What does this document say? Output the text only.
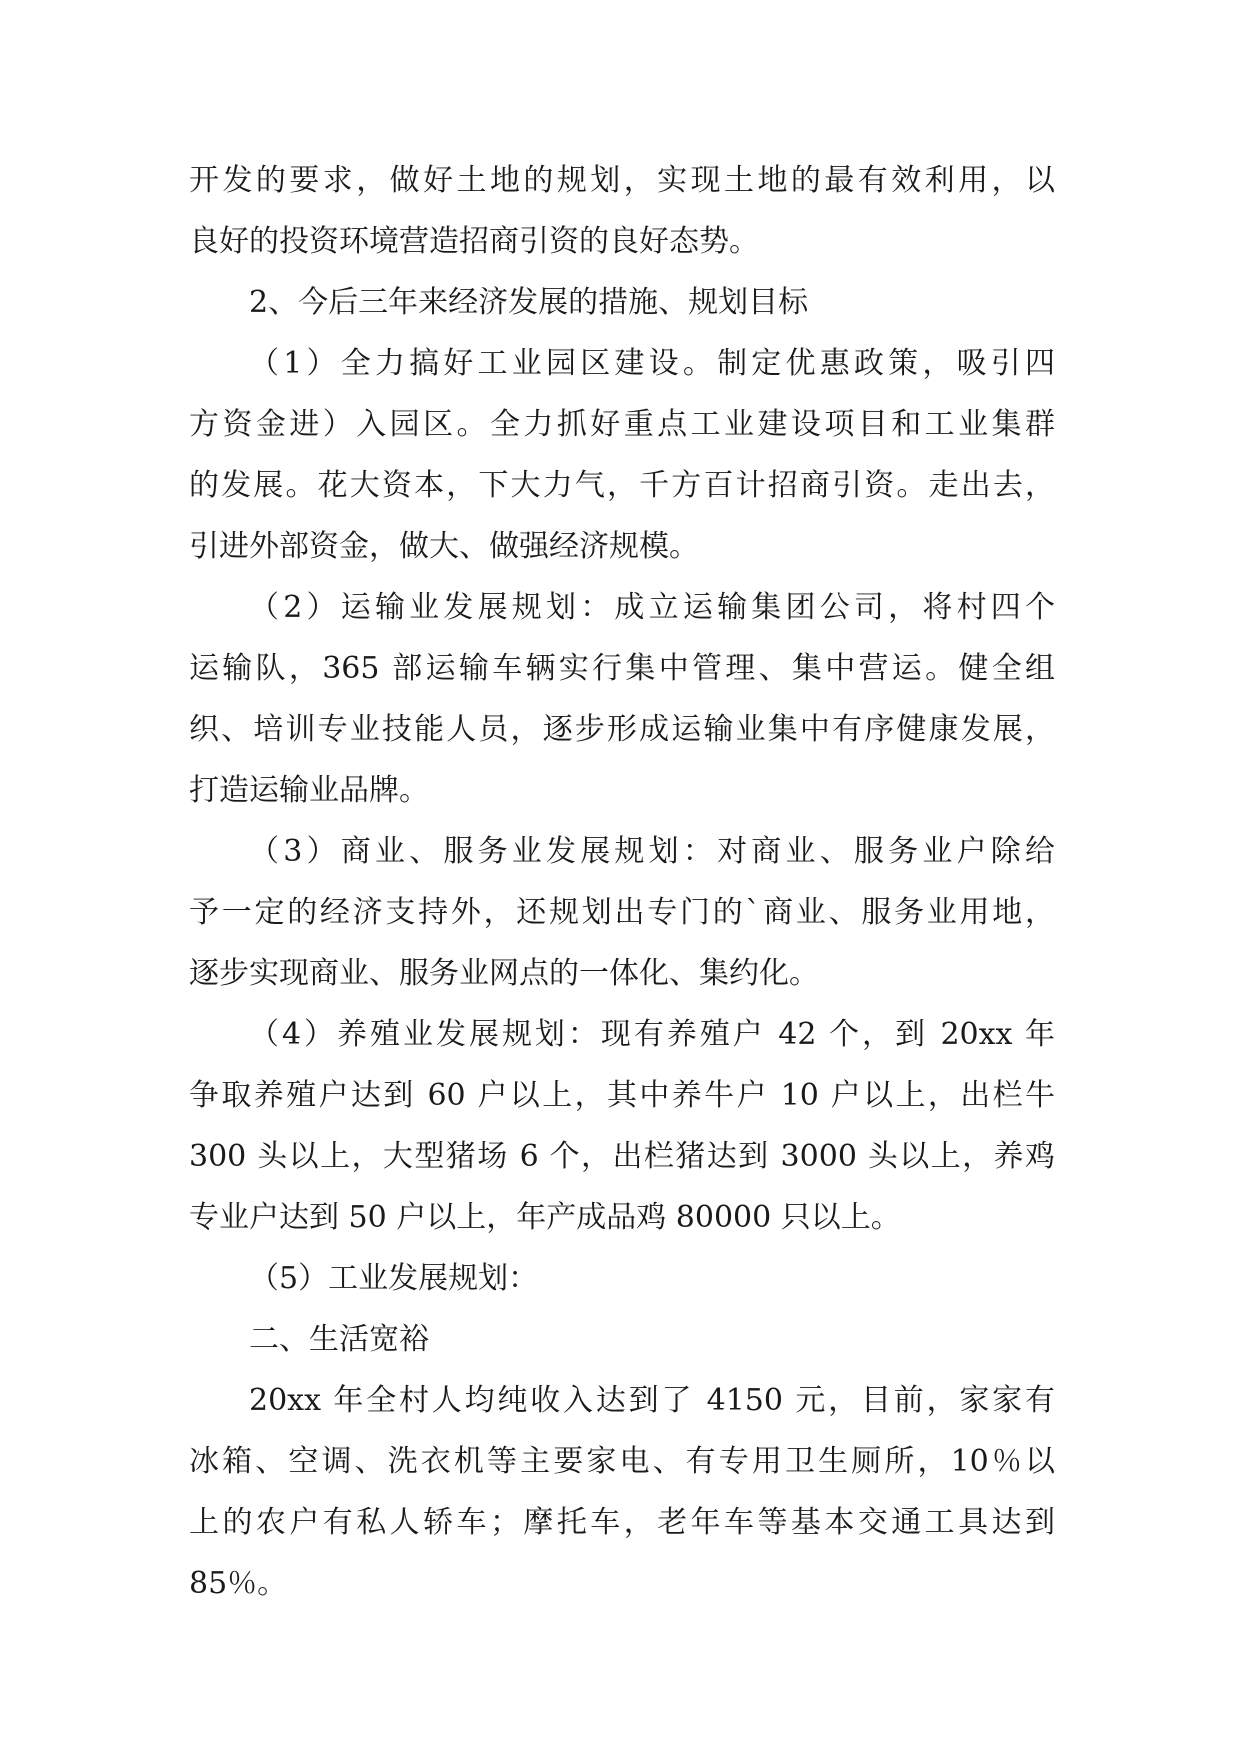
开发的要求，做好土地的规划，实现土地的最有效利用，以
良好的投资环境营造招商引资的良好态势。
2、今后三年来经济发展的措施、规划目标
（1）全力搞好工业园区建设。制定优惠政策，吸引四
方资金进）入园区。全力抓好重点工业建设项目和工业集群
的发展。花大资本，下大力气，千方百计招商引资。走出去，
引进外部资金，做大、做强经济规模。
（2）运输业发展规划：成立运输集团公司，将村四个
运输队，365 部运输车辆实行集中管理、集中营运。健全组
织、培训专业技能人员，逐步形成运输业集中有序健康发展，
打造运输业品牌。
（3）商业、服务业发展规划：对商业、服务业户除给
予一定的经济支持外，还规划出专门的`商业、服务业用地，
逐步实现商业、服务业网点的一体化、集约化。
（4）养殖业发展规划：现有养殖户 42 个，到 20xx 年
争取养殖户达到 60 户以上，其中养牛户 10 户以上，出栏牛
300 头以上，大型猪场 6 个，出栏猪达到 3000 头以上，养鸡
专业户达到 50 户以上，年产成品鸡 80000 只以上。
（5）工业发展规划：
二、生活宽裕
20xx 年全村人均纯收入达到了 4150 元，目前，家家有
冰箱、空调、洗衣机等主要家电、有专用卫生厕所，10％以
上的农户有私人轿车；摩托车，老年车等基本交通工具达到
85％。
